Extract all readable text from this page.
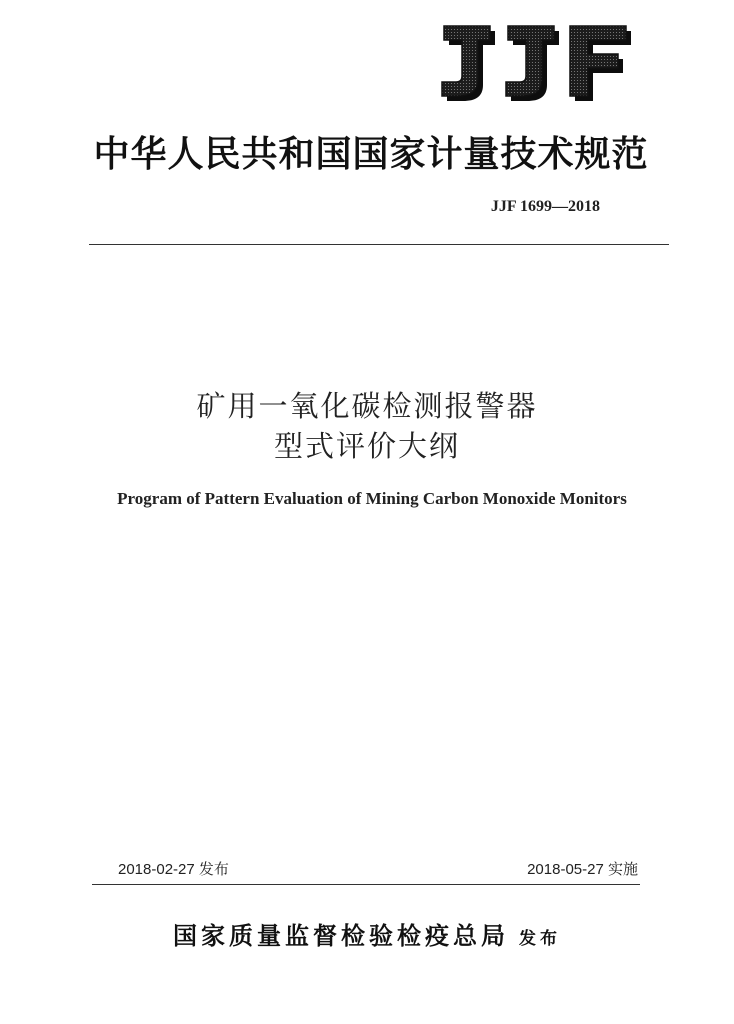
中华人民共和国国家计量技术规范
JJF 1699—2018
矿用一氧化碳检测报警器
型式评价大纲
Program of Pattern Evaluation of Mining Carbon Monoxide Monitors
2018-02-27 发布	2018-05-27 实施
国家质量监督检验检疫总局 发布
